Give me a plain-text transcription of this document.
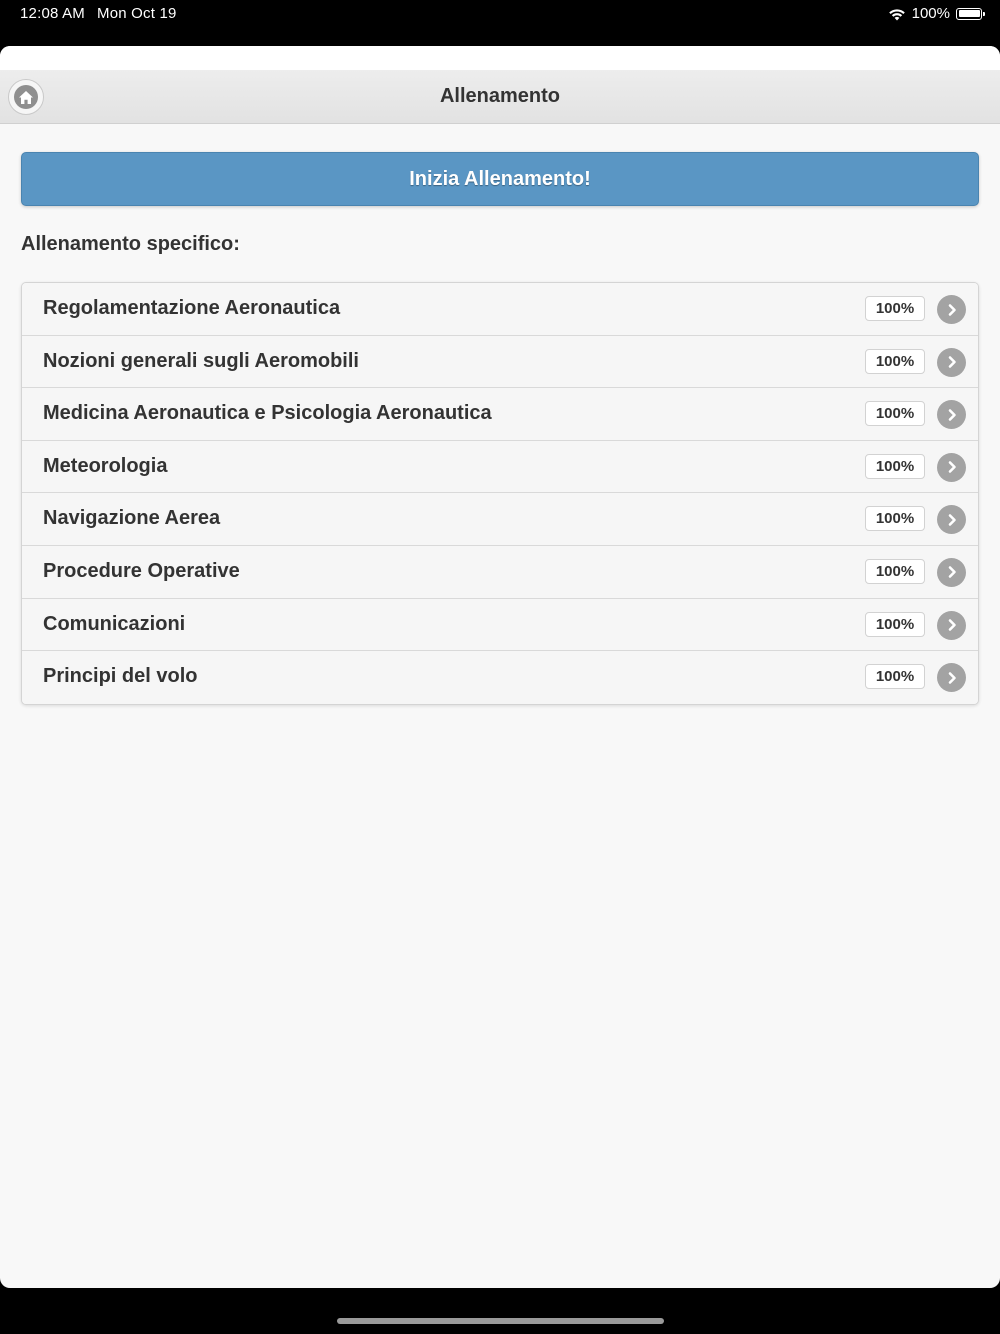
12:08 AM Mon Oct 19	100%
Allenamento
Inizia Allenamento!
Allenamento specifico:
Regolamentazione Aeronautica	100%
Nozioni generali sugli Aeromobili	100%
Medicina Aeronautica e Psicologia Aeronautica	100%
Meteorologia	100%
Navigazione Aerea	100%
Procedure Operative	100%
Comunicazioni	100%
Principi del volo	100%
